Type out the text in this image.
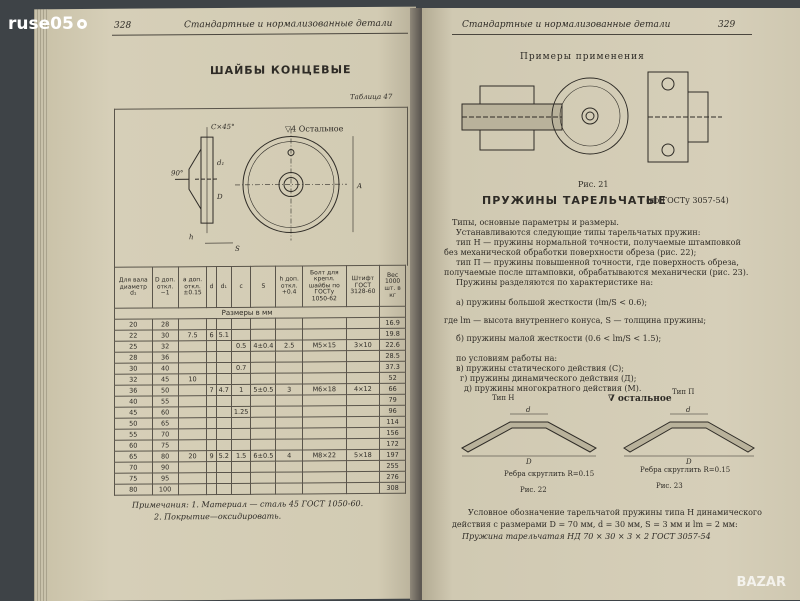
ruse05	328	Стандартные и нормализованные детали
ШАЙБЫ КОНЦЕВЫЕ
Таблица 47
▽4 Остальное
C×45°
90°
d₁
D
A
S
h
Для вала диаметр d₁	D доп. откл. −1	a доп. откл. ±0.15	d	d₁	c	S	h доп. откл. +0.4	Болт для крепл. шайбы по ГОСТу 1050-62	Штифт ГОСТ 3128-60	Вес 1000 шт. в кг
Размеры в мм										
20	28									16.9
22	30	7.5	6	5.1						19.8
25	32				0.5	4±0.4	2.5	M5×15	3×10	22.6
28	36									28.5
30	40				0.7					37.3
32	45	10								52
36	50		7	4.7	1	5±0.5	3	M6×18	4×12	66
40	55									79
45	60				1.25					96
50	65									114
55	70									156
60	75									172
65	80	20	9	5.2	1.5	6±0.5	4	M8×22	5×18	197
70	90									255
75	95									276
80	100									308
Примечания: 1. Материал — сталь 45 ГОСТ 1050-60.
2. Покрытие—оксидировать.
Стандартные и нормализованные детали	329
Примеры применения
Рис. 21
ПРУЖИНЫ ТАРЕЛЬЧАТЫЕ
(по ГОСТу 3057-54)
Типы, основные параметры и размеры.
Устанавливаются следующие типы тарельчатых пружин:
тип H — пружины нормальной точности, получаемые штамповкой
без механической обработки поверхности обреза (рис. 22);
тип П — пружины повышенной точности, где поверхность обреза,
получаемые после штамповки, обрабатываются механически (рис. 23).
Пружины разделяются по характеристике на:
а) пружины большой жесткости (lm/S < 0.6);
где lm — высота внутреннего конуса, S — толщина пружины;
б) пружины малой жесткости (0.6 < lm/S < 1.5);
по условиям работы на:
в) пружины статического действия (С);
г) пружины динамического действия (Д);
д) пружины многократного действия (М).
Тип Н	∇ остальное
Тип П
d
D
d
D
Ребра скруглить R=0.15
Рис. 22
Ребра скруглить R=0.15
Рис. 23
Условное обозначение тарельчатой пружины типа Н динамического
действия с размерами D = 70 мм, d = 30 мм, S = 3 мм и lm = 2 мм:
Пружина тарельчатая НД 70 × 30 × 3 × 2 ГОСТ 3057-54
BAZAR
